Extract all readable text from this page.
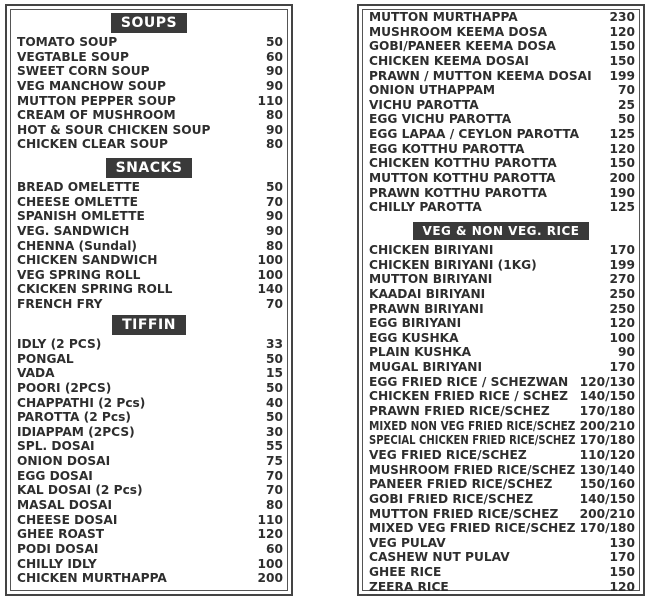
SOUPS
TOMATO SOUP	50
VEGTABLE SOUP	60
SWEET CORN SOUP	90
VEG MANCHOW SOUP	90
MUTTON PEPPER SOUP	110
CREAM OF MUSHROOM	80
HOT & SOUR CHICKEN SOUP	90
CHICKEN CLEAR SOUP	80
SNACKS
BREAD OMELETTE	50
CHEESE OMLETTE	70
SPANISH OMLETTE	90
VEG. SANDWICH	90
CHENNA (Sundal)	80
CHICKEN SANDWICH	100
VEG SPRING ROLL	100
CKICKEN SPRING ROLL	140
FRENCH FRY	70
TIFFIN
IDLY (2 PCS)	33
PONGAL	50
VADA	15
POORI (2PCS)	50
CHAPPATHI (2 Pcs)	40
PAROTTA (2 Pcs)	50
IDIAPPAM (2PCS)	30
SPL. DOSAI	55
ONION DOSAI	75
EGG DOSAI	70
KAL DOSAI (2 Pcs)	70
MASAL DOSAI	80
CHEESE DOSAI	110
GHEE ROAST	120
PODI DOSAI	60
CHILLY IDLY	100
CHICKEN MURTHAPPA	200
MUTTON MURTHAPPA	230
MUSHROOM KEEMA DOSA	120
GOBI/PANEER KEEMA DOSA	150
CHICKEN KEEMA DOSAI	150
PRAWN / MUTTON KEEMA DOSAI 199
ONION UTHAPPAM	70
VICHU PAROTTA	25
EGG VICHU PAROTTA	50
EGG LAPAA / CEYLON PAROTTA	125
EGG KOTTHU PAROTTA	120
CHICKEN KOTTHU PAROTTA	150
MUTTON KOTTHU PAROTTA	200
PRAWN KOTTHU PAROTTA	190
CHILLY PAROTTA	125
VEG & NON VEG. RICE
CHICKEN BIRIYANI	170
CHICKEN BIRIYANI (1KG)	199
MUTTON BIRIYANI	270
KAADAI BIRIYANI	250
PRAWN BIRIYANI	250
EGG BIRIYANI	120
EGG KUSHKA	100
PLAIN KUSHKA	90
MUGAL BIRIYANI	170
EGG FRIED RICE / SCHEZWAN 120/130
CHICKEN FRIED RICE / SCHEZ 140/150
PRAWN FRIED RICE/SCHEZ 170/180
MIXED NON VEG FRIED RICE/SCHEZ 200/210
SPECIAL CHICKEN FRIED RICE/SCHEZ 170/180
VEG FRIED RICE/SCHEZ	110/120
MUSHROOM FRIED RICE/SCHEZ 130/140
PANEER FRIED RICE/SCHEZ 150/160
GOBI FRIED RICE/SCHEZ	140/150
MUTTON FRIED RICE/SCHEZ 200/210
MIXED VEG FRIED RICE/SCHEZ 170/180
VEG PULAV	130
CASHEW NUT PULAV	170
GHEE RICE	150
ZEERA RICE	120
